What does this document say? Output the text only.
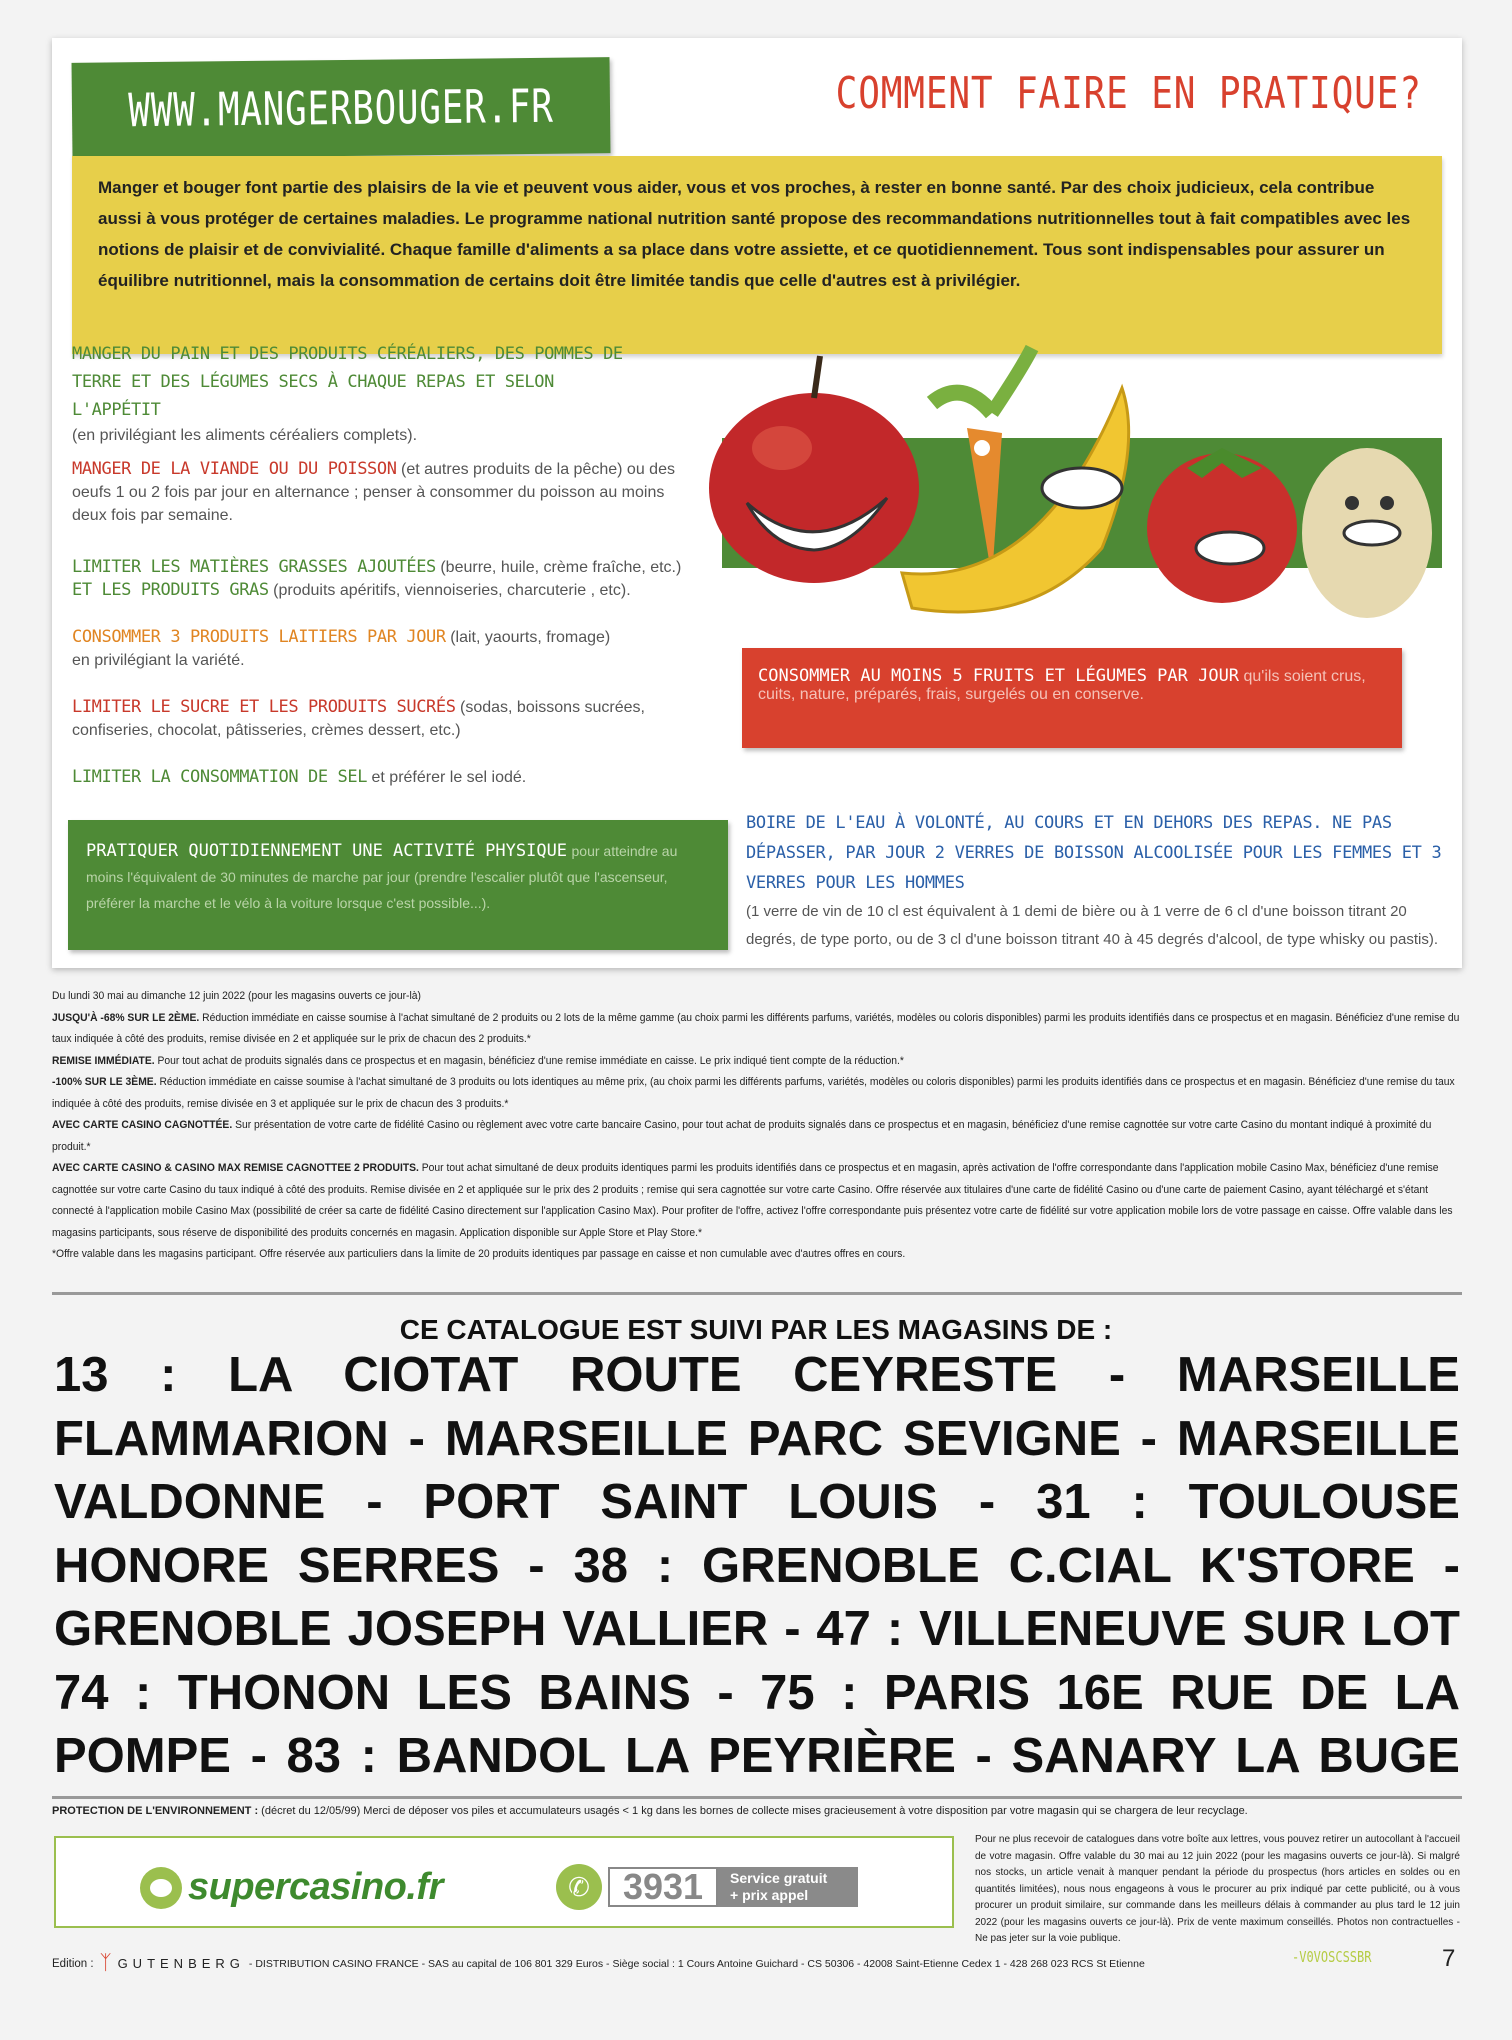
WWW.MANGERBOUGER.FR	COMMENT FAIRE EN PRATIQUE?

Manger et bouger font partie des plaisirs de la vie et peuvent vous aider, vous et vos proches, à rester en bonne santé. Par des choix judicieux, cela contribue aussi à vous protéger de certaines maladies. Le programme national nutrition santé propose des recommandations nutritionnelles tout à fait compatibles avec les notions de plaisir et de convivialité. Chaque famille d'aliments a sa place dans votre assiette, et ce quotidiennement. Tous sont indispensables pour assurer un équilibre nutritionnel, mais la consommation de certains doit être limitée tandis que celle d'autres est à privilégier.

MANGER DU PAIN ET DES PRODUITS CÉRÉALIERS, DES POMMES DE TERRE ET DES LÉGUMES SECS À CHAQUE REPAS ET SELON L'APPÉTIT
(en privilégiant les aliments céréaliers complets).
MANGER DE LA VIANDE OU DU POISSON (et autres produits de la pêche) ou des oeufs 1 ou 2 fois par jour en alternance ; penser à consommer du poisson au moins deux fois par semaine.
LIMITER LES MATIÈRES GRASSES AJOUTÉES (beurre, huile, crème fraîche, etc.)
ET LES PRODUITS GRAS (produits apéritifs, viennoiseries, charcuterie , etc).
CONSOMMER 3 PRODUITS LAITIERS PAR JOUR (lait, yaourts, fromage) en privilégiant la variété.
LIMITER LE SUCRE ET LES PRODUITS SUCRÉS (sodas, boissons sucrées, confiseries, chocolat, pâtisseries, crèmes dessert, etc.)
LIMITER LA CONSOMMATION DE SEL et préférer le sel iodé.
CONSOMMER AU MOINS 5 FRUITS ET LÉGUMES PAR JOUR qu'ils soient crus, cuits, nature, préparés, frais, surgelés ou en conserve.
PRATIQUER QUOTIDIENNEMENT UNE ACTIVITÉ PHYSIQUE pour atteindre au moins l'équivalent de 30 minutes de marche par jour (prendre l'escalier plutôt que l'ascenseur, préférer la marche et le vélo à la voiture lorsque c'est possible...).
BOIRE DE L'EAU À VOLONTÉ, AU COURS ET EN DEHORS DES REPAS. NE PAS DÉPASSER, PAR JOUR 2 VERRES DE BOISSON ALCOOLISÉE POUR LES FEMMES ET 3 VERRES POUR LES HOMMES
(1 verre de vin de 10 cl est équivalent à 1 demi de bière ou à 1 verre de 6 cl d'une boisson titrant 20 degrés, de type porto, ou de 3 cl d'une boisson titrant 40 à 45 degrés d'alcool, de type whisky ou pastis).
Du lundi 30 mai au dimanche 12 juin 2022 (pour les magasins ouverts ce jour-là)
JUSQU'À -68% SUR LE 2ÈME. Réduction immédiate en caisse soumise à l'achat simultané de 2 produits ou 2 lots de la même gamme (au choix parmi les différents parfums, variétés, modèles ou coloris disponibles) parmi les produits identifiés dans ce prospectus et en magasin. Bénéficiez d'une remise du taux indiquée à côté des produits, remise divisée en 2 et appliquée sur le prix de chacun des 2 produits.*
REMISE IMMÉDIATE. Pour tout achat de produits signalés dans ce prospectus et en magasin, bénéficiez d'une remise immédiate en caisse. Le prix indiqué tient compte de la réduction.*
-100% SUR LE 3ÈME. Réduction immédiate en caisse soumise à l'achat simultané de 3 produits ou lots identiques au même prix, (au choix parmi les différents parfums, variétés, modèles ou coloris disponibles) parmi les produits identifiés dans ce prospectus et en magasin. Bénéficiez d'une remise du taux indiquée à côté des produits, remise divisée en 3 et appliquée sur le prix de chacun des 3 produits.*
AVEC CARTE CASINO CAGNOTTÉE. Sur présentation de votre carte de fidélité Casino ou règlement avec votre carte bancaire Casino, pour tout achat de produits signalés dans ce prospectus et en magasin, bénéficiez d'une remise cagnottée sur votre carte Casino du montant indiqué à proximité du produit.*
AVEC CARTE CASINO & CASINO MAX REMISE CAGNOTTEE 2 PRODUITS. Pour tout achat simultané de deux produits identiques parmi les produits identifiés dans ce prospectus et en magasin, après activation de l'offre correspondante dans l'application mobile Casino Max, bénéficiez d'une remise cagnottée sur votre carte Casino du taux indiqué à côté des produits. Remise divisée en 2 et appliquée sur le prix des 2 produits ; remise qui sera cagnottée sur votre carte Casino. Offre réservée aux titulaires d'une carte de fidélité Casino ou d'une carte de paiement Casino, ayant téléchargé et s'étant connecté à l'application mobile Casino Max (possibilité de créer sa carte de fidélité Casino directement sur l'application Casino Max). Pour profiter de l'offre, activez l'offre correspondante puis présentez votre carte de fidélité sur votre application mobile lors de votre passage en caisse. Offre valable dans les magasins participants, sous réserve de disponibilité des produits concernés en magasin. Application disponible sur Apple Store et Play Store.*
*Offre valable dans les magasins participant. Offre réservée aux particuliers dans la limite de 20 produits identiques par passage en caisse et non cumulable avec d'autres offres en cours.
CE CATALOGUE EST SUIVI PAR LES MAGASINS DE :
13 : LA CIOTAT ROUTE CEYRESTE - MARSEILLE
FLAMMARION - MARSEILLE PARC SEVIGNE - MARSEILLE
VALDONNE - PORT SAINT LOUIS - 31 : TOULOUSE
HONORE SERRES - 38 : GRENOBLE C.CIAL K'STORE -
GRENOBLE JOSEPH VALLIER - 47 : VILLENEUVE SUR LOT
74 : THONON LES BAINS - 75 : PARIS 16E RUE DE LA
POMPE - 83 : BANDOL LA PEYRIÈRE - SANARY LA BUGE
PROTECTION DE L'ENVIRONNEMENT : (décret du 12/05/99) Merci de déposer vos piles et accumulateurs usagés < 1 kg dans les bornes de collecte mises gracieusement à votre disposition par votre magasin qui se chargera de leur recyclage.
supercasino.fr	✆ 3931	Service gratuit
+ prix appel
Pour ne plus recevoir de catalogues dans votre boîte aux lettres, vous pouvez retirer un autocollant à l'accueil de votre magasin. Offre valable du 30 mai au 12 juin 2022 (pour les magasins ouverts ce jour-là). Si malgré nos stocks, un article venait à manquer pendant la période du prospectus (hors articles en soldes ou en quantités limitées), nous nous engageons à vous le procurer au prix indiqué par cette publicité, ou à vous procurer un produit similaire, sur commande dans les meilleurs délais à commander au plus tard le 12 juin 2022 (pour les magasins ouverts ce jour-là). Prix de vente maximum conseillés. Photos non contractuelles - Ne pas jeter sur la voie publique.
Edition : ᛉ GUTENBERG - DISTRIBUTION CASINO FRANCE - SAS au capital de 106 801 329 Euros - Siège social : 1 Cours Antoine Guichard - CS 50306 - 42008 Saint-Etienne Cedex 1 - 428 268 023 RCS St Etienne	-V0VOSCSSBR	7
